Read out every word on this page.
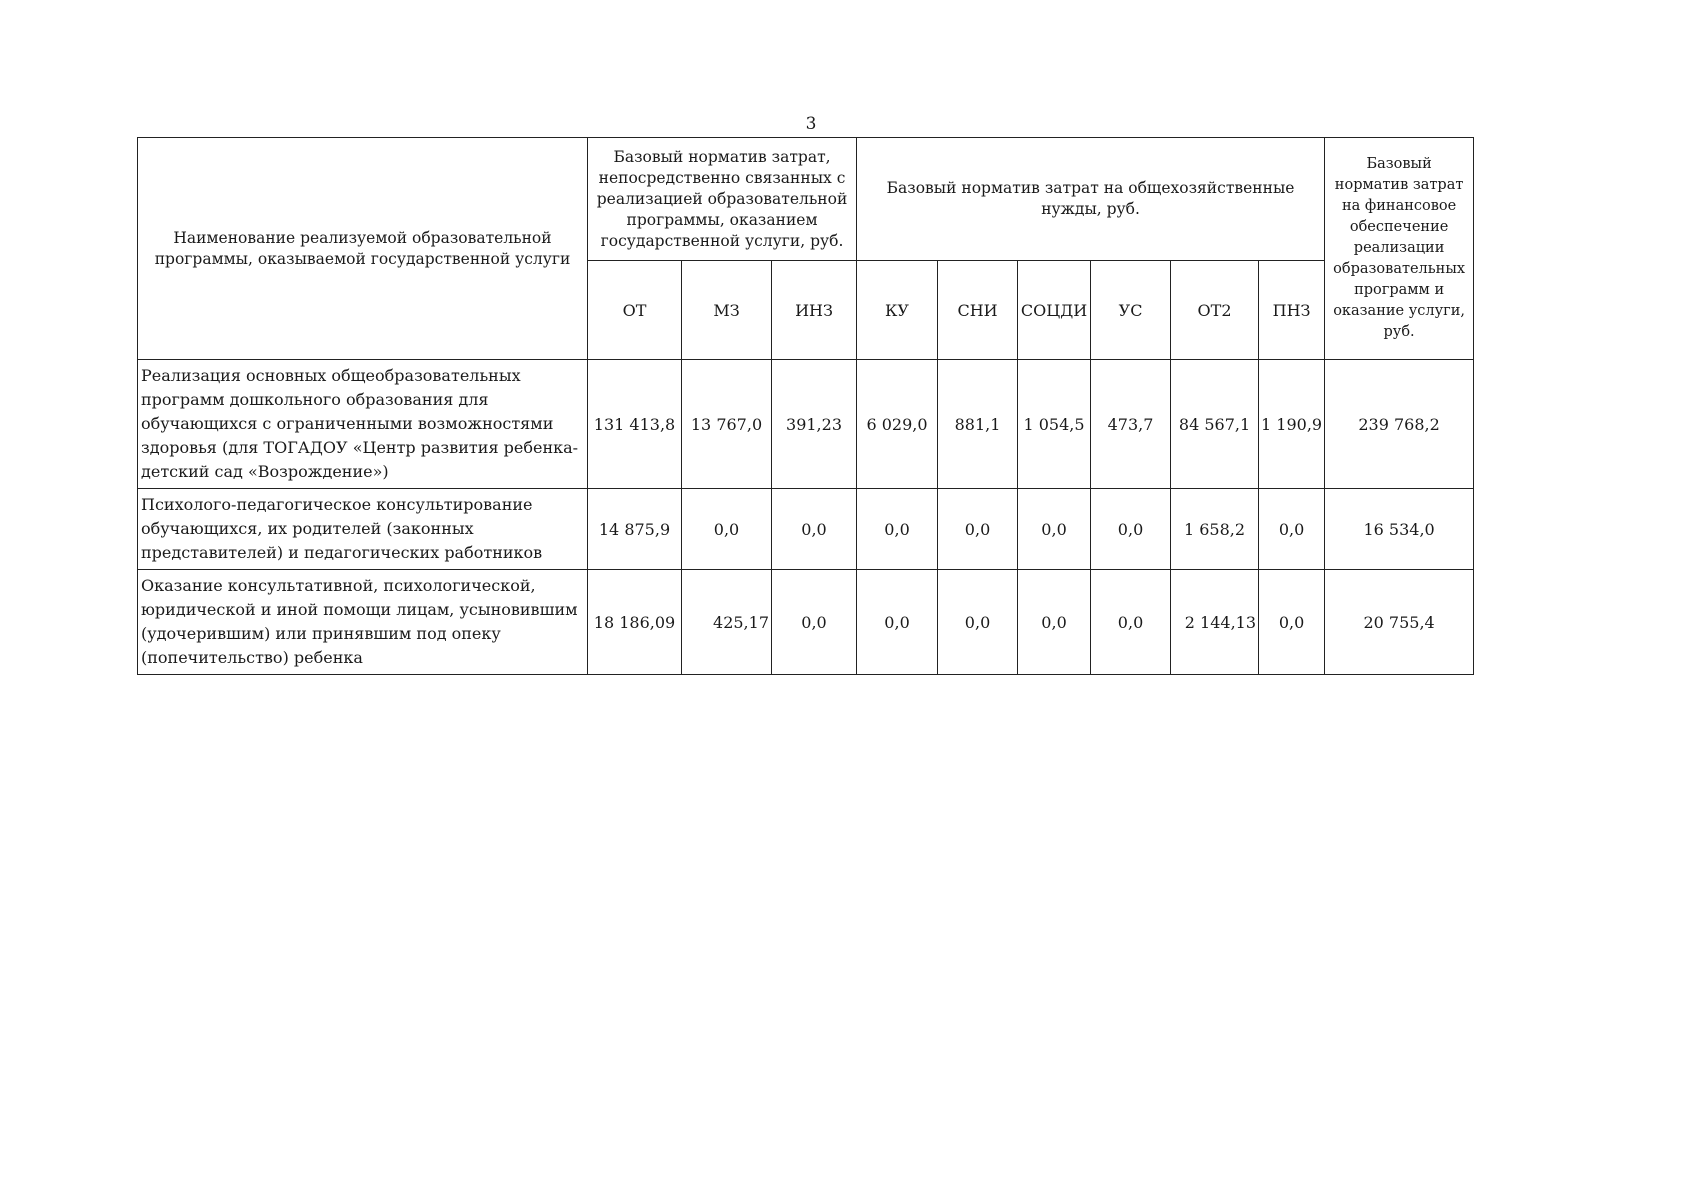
3
Наименование реализуемой образовательной программы, оказываемой государственной услуги	Базовый норматив затрат, непосредственно связанных с реализацией образовательной программы, оказанием государственной услуги, руб.			Базовый норматив затрат на общехозяйственные нужды, руб.						Базовый норматив затрат на финансовое обеспечение реализации образовательных программ и оказание услуги, руб.
	ОТ	МЗ	ИНЗ	КУ	СНИ	СОЦДИ	УС	ОТ2	ПНЗ	
Реализация основных общеобразовательных программ дошкольного образования для обучающихся с ограниченными возможностями здоровья (для ТОГАДОУ «Центр развития ребенка-детский сад «Возрождение»)	131 413,8	13 767,0	391,23	6 029,0	881,1	1 054,5	473,7	84 567,1	1 190,9	239 768,2
Психолого-педагогическое консультирование обучающихся, их родителей (законных представителей) и педагогических работников	14 875,9	0,0	0,0	0,0	0,0	0,0	0,0	1 658,2	0,0	16 534,0
Оказание консультативной, психологической, юридической и иной помощи лицам, усыновившим (удочерившим) или принявшим под опеку (попечительство) ребенка	18 186,09	425,17	0,0	0,0	0,0	0,0	0,0	2 144,13	0,0	20 755,4
